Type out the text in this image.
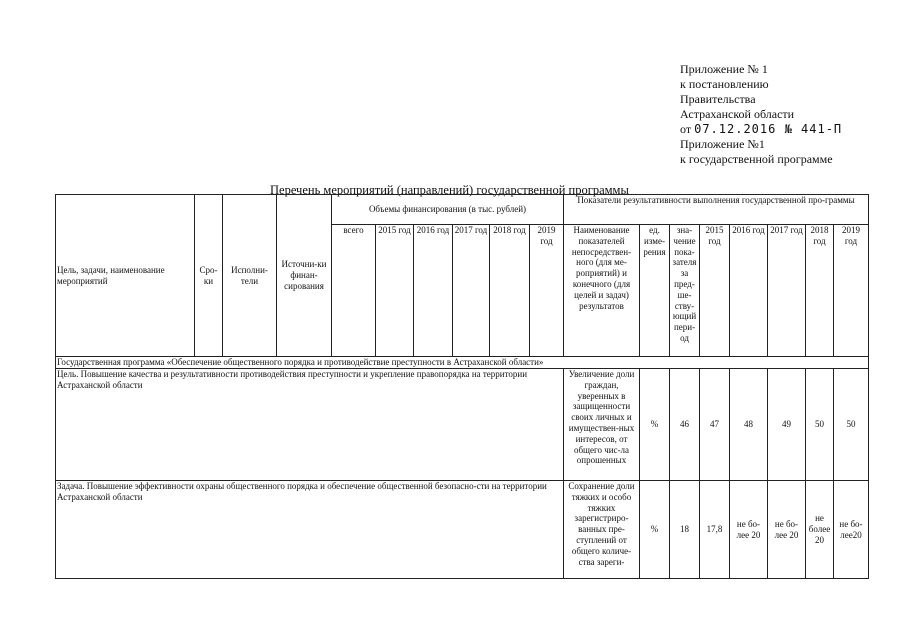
Приложение № 1
к постановлению
Правительства
Астраханской области
от 07.12.2016 № 441-П
Приложение №1
к государственной программе
Перечень мероприятий (направлений) государственной программы
Цель, задачи, наименование мероприятий	Сро-ки	Исполни-тели	Источни-ки финан-сирования	Объемы финансирования (в тыс. рублей)						Показатели результативности выполнения государственной про-граммы							
				всего	2015 год	2016 год	2017 год	2018 год	2019 год	Наименование показателей непосредствен-ного (для ме-роприятий) и конечного (для целей и задач) результатов	ед. изме-рения	зна-чение пока-зателя за пред-ше-ству-ющий пери-од	2015 год	2016 год	2017 год	2018 год	2019 год
Государственная программа «Обеспечение общественного порядка и противодействие преступности в Астраханской области»																	
Цель. Повышение качества и результативности противодействия преступности и укрепление правопорядка на территории Астраханской области										Увеличение доли граждан, уверенных в защищенности своих личных и имуществен-ных интересов, от общего чис-ла опрошенных	%	46	47	48	49	50	50
Задача. Повышение эффективности охраны общественного порядка и обеспечение общественной безопасно-сти на территории Астраханской области										Сохранение доли тяжких и особо тяжких зарегистриро-ванных пре-ступлений от общего количе-ства зареги-	%	18	17,8	не бо-лее 20	не бо-лее 20	не более 20	не бо-лее20
